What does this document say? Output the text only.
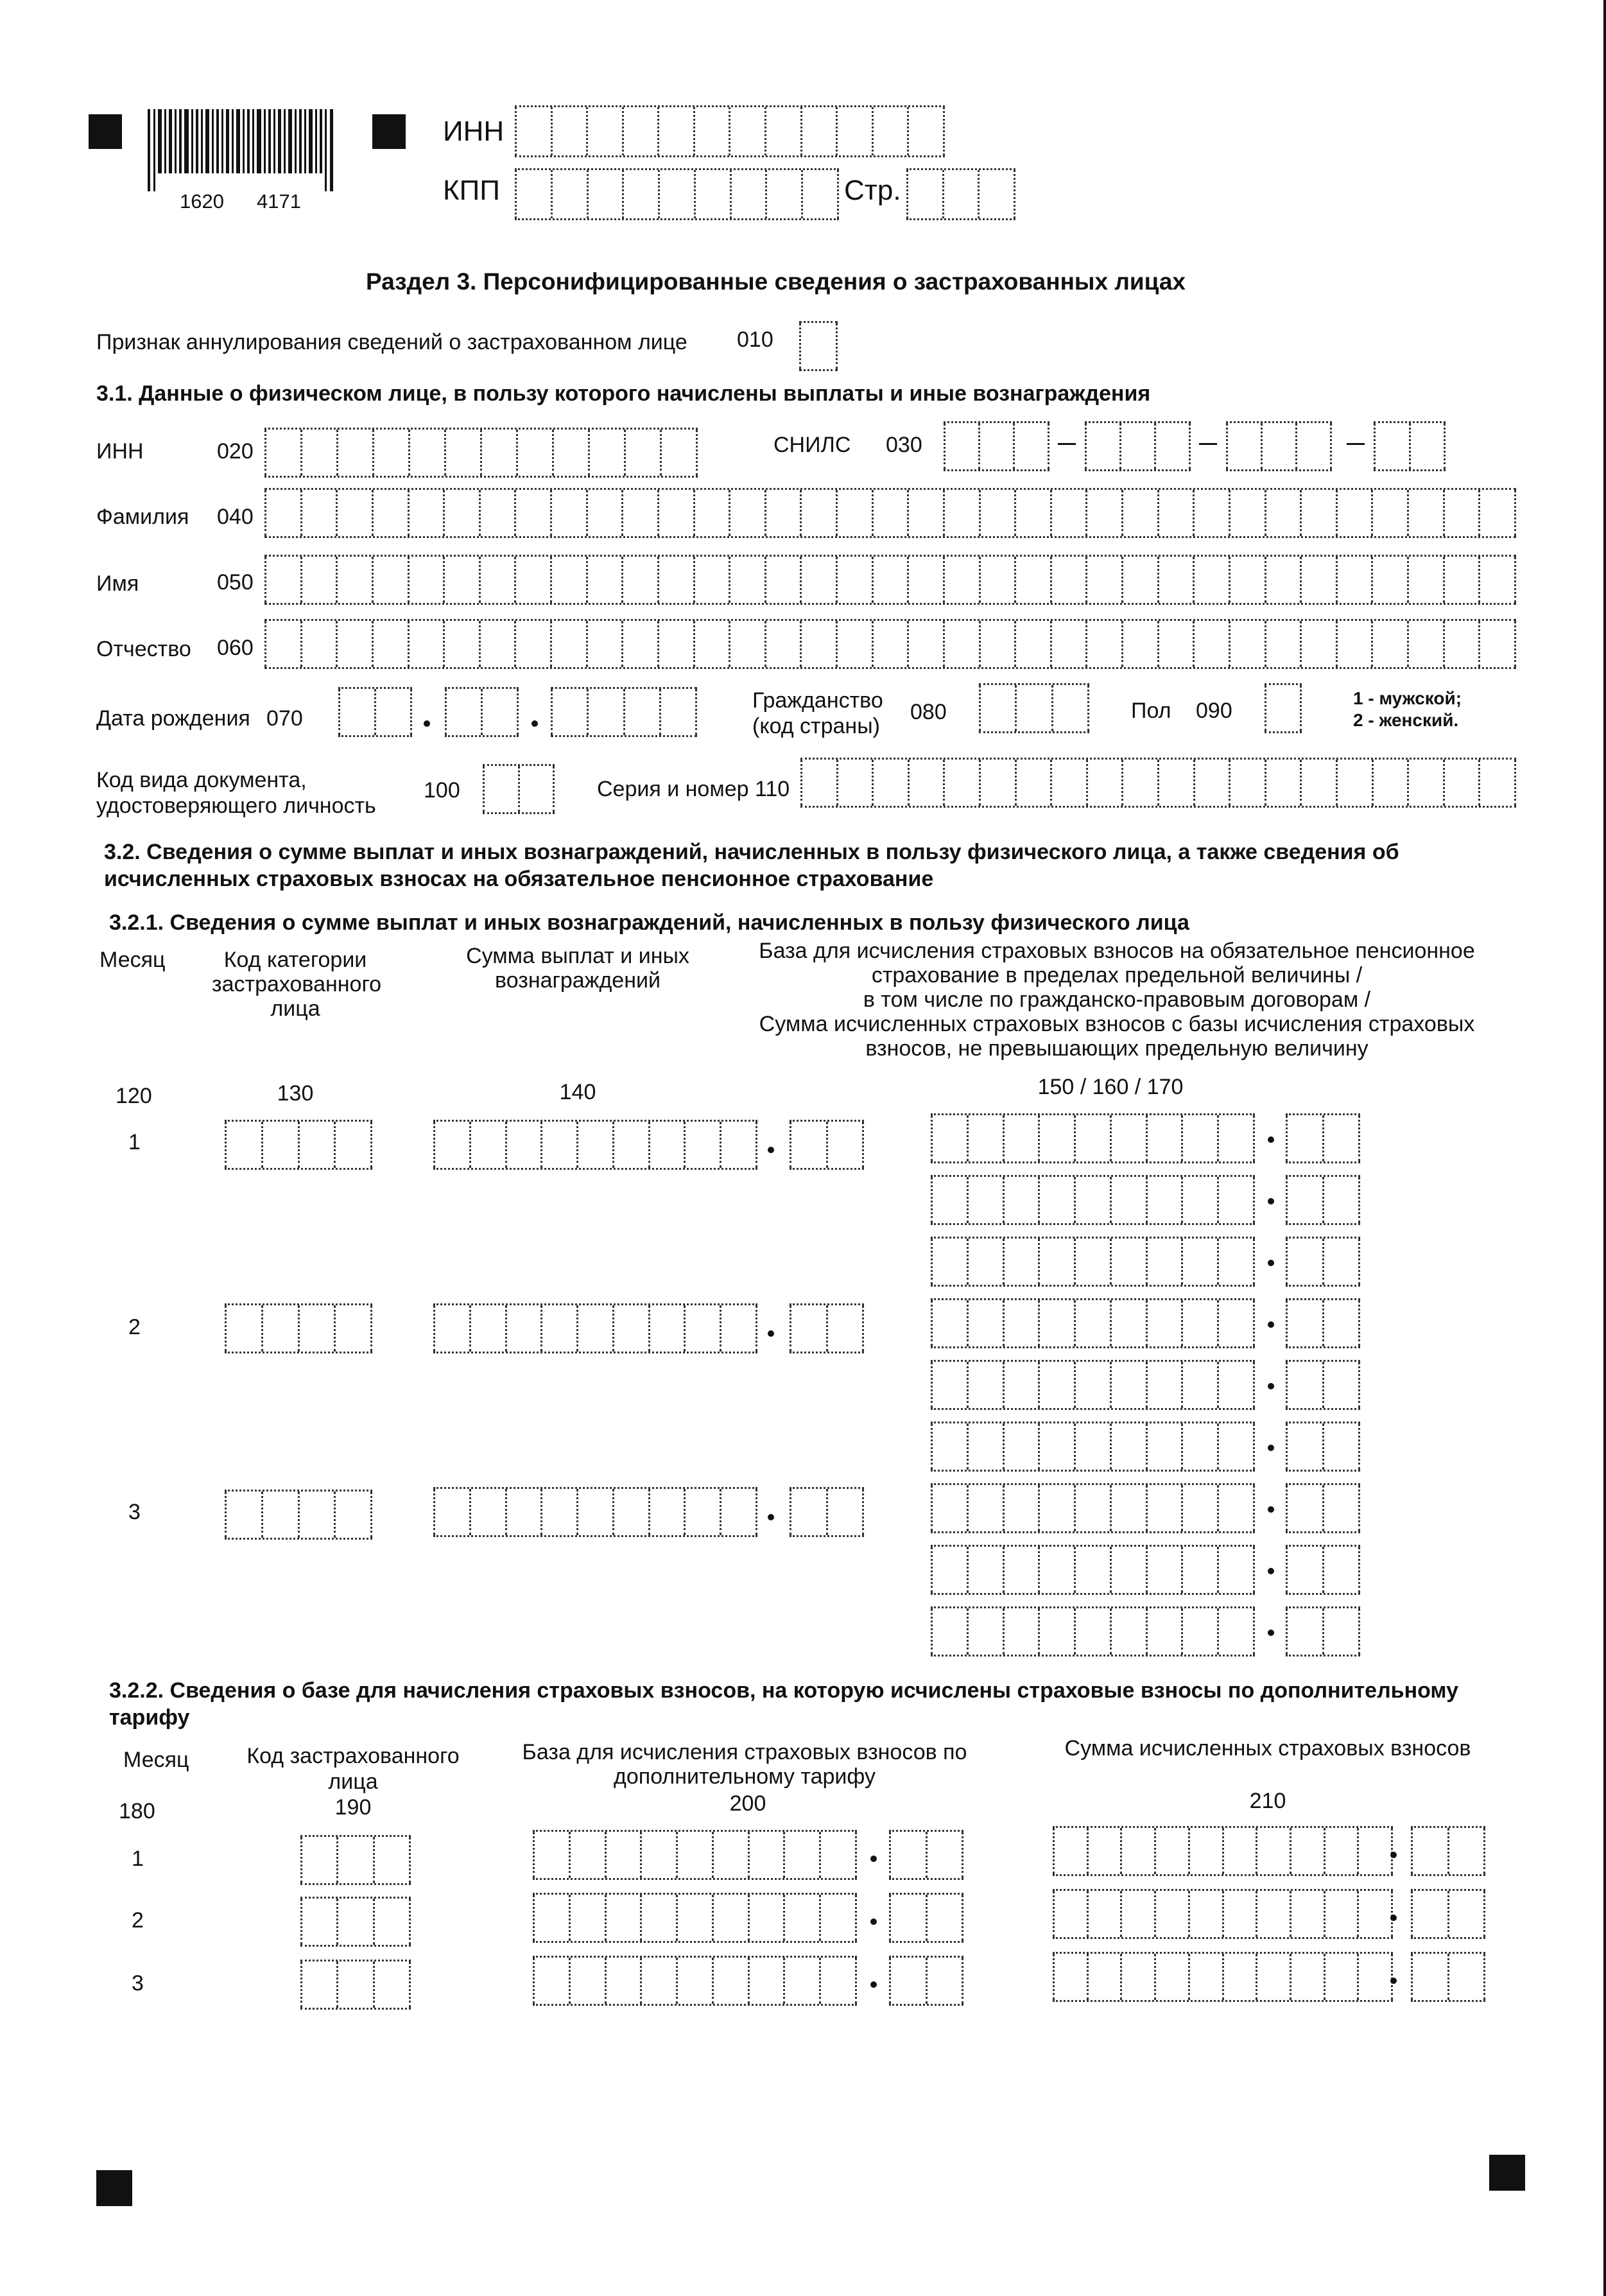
1620 4171
ИНН
КПП	Стр.
Раздел 3. Персонифицированные сведения о застрахованных лицах
Признак аннулирования сведений о застрахованном лице 010
3.1. Данные о физическом лице, в пользу которого начислены выплаты и иные вознаграждения
ИНН	020	СНИЛС 030
Фамилия 040
Имя	050
Отчество 060
Дата рождения 070
Гражданство
(код страны)
080	Пол 090
1 - мужской;
2 - женский.
Код вида документа,
удостоверяющего личность
100	Серия и номер 110
3.2. Сведения о сумме выплат и иных вознаграждений, начисленных в пользу физического лица, а также сведения об
исчисленных страховых взносах на обязательное пенсионное страхование
3.2.1. Сведения о сумме выплат и иных вознаграждений, начисленных в пользу физического лица
Месяц	Код категории
застрахованного
лица
Сумма выплат и иных
вознаграждений
База для исчисления страховых взносов на обязательное пенсионное
страхование в пределах предельной величины /
в том числе по гражданско-правовым договорам /
Сумма исчисленных страховых взносов с базы исчисления страховых
взносов, не превышающих предельную величину
120	130	140	150 / 160 / 170
1
2
3
3.2.2. Сведения о базе для начисления страховых взносов, на которую исчислены страховые взносы по дополнительному
тарифу
Месяц	Код застрахованного
лица
База для исчисления страховых взносов по
дополнительному тарифу
Сумма исчисленных страховых взносов
180	190	200	210
1
2
3
